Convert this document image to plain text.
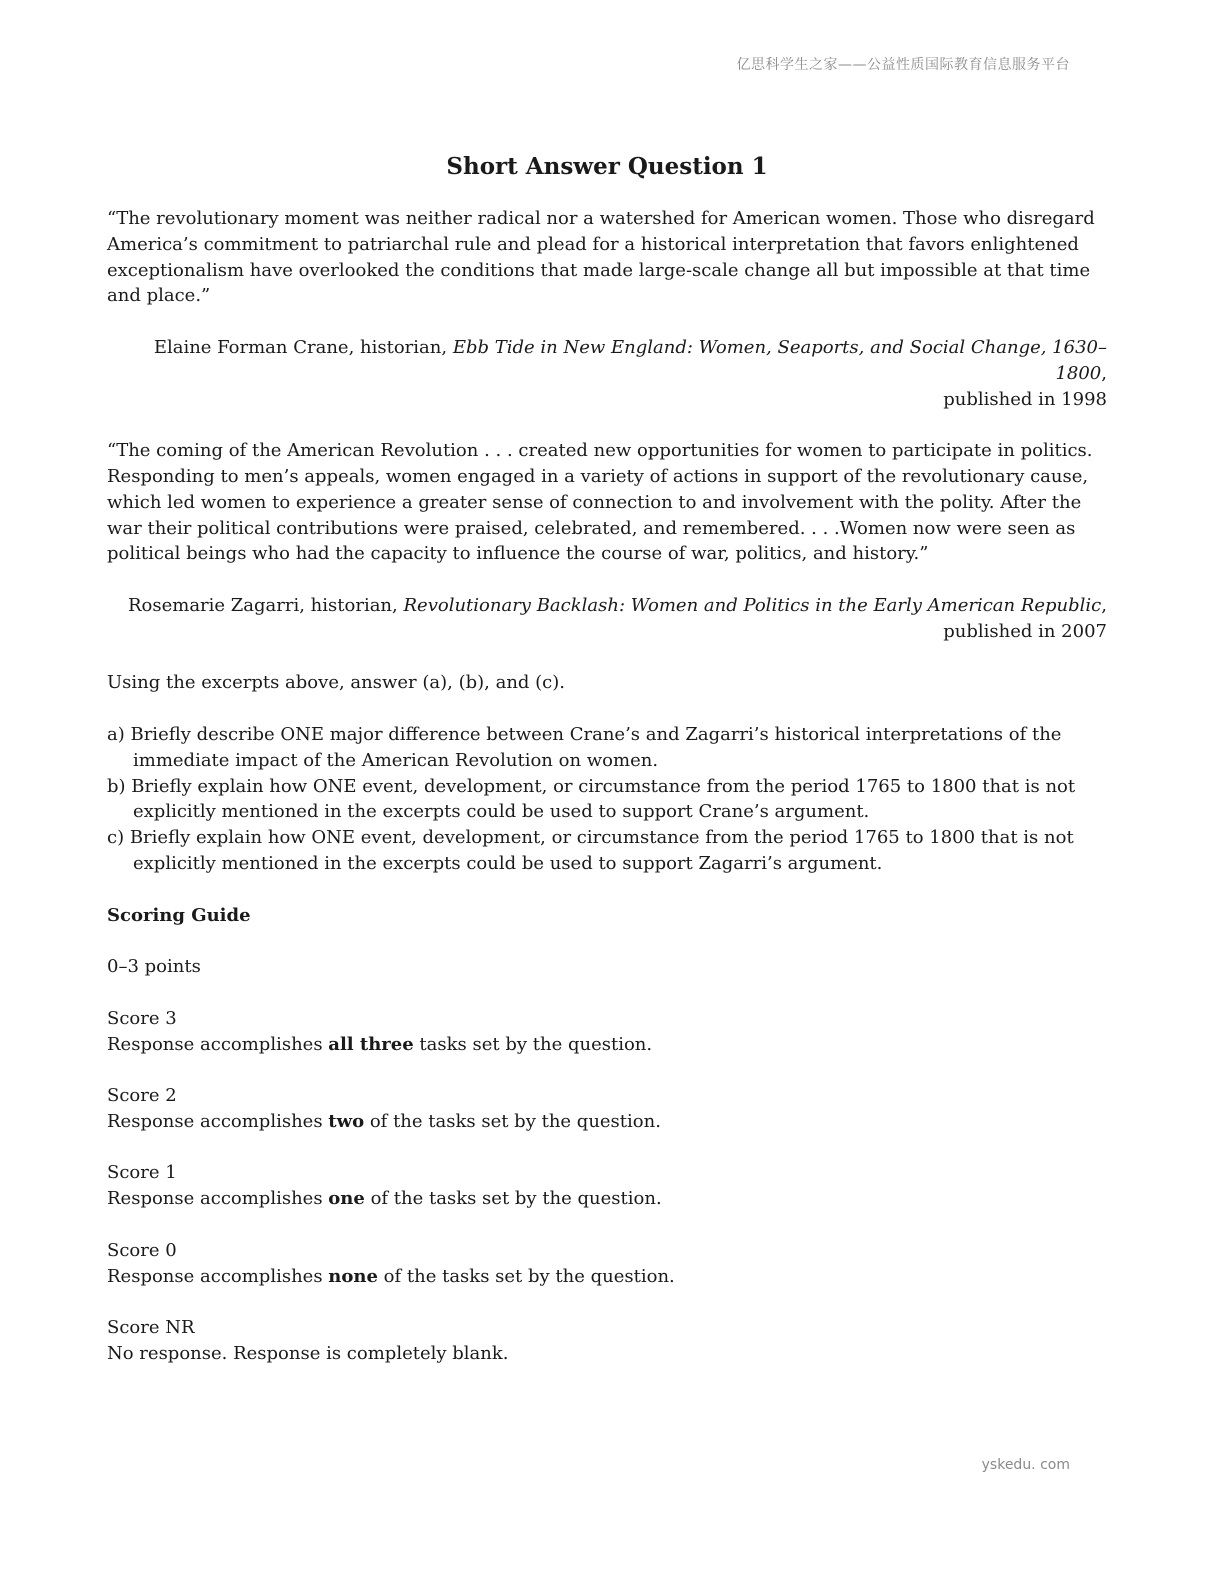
亿思科学生之家——公益性质国际教育信息服务平台
Short Answer Question 1

“The revolutionary moment was neither radical nor a watershed for American women. Those who disregard America’s commitment to patriarchal rule and plead for a historical interpretation that favors enlightened exceptionalism have overlooked the conditions that made large-scale change all but impossible at that time and place.”

Elaine Forman Crane, historian, Ebb Tide in New England: Women, Seaports, and Social Change, 1630–1800,
published in 1998

“The coming of the American Revolution . . . created new opportunities for women to participate in politics. Responding to men’s appeals, women engaged in a variety of actions in support of the revolutionary cause, which led women to experience a greater sense of connection to and involvement with the polity. After the war their political contributions were praised, celebrated, and remembered. . . .Women now were seen as political beings who had the capacity to influence the course of war, politics, and history.”

Rosemarie Zagarri, historian, Revolutionary Backlash: Women and Politics in the Early American Republic,
published in 2007

Using the excerpts above, answer (a), (b), and (c).

a) Briefly describe ONE major difference between Crane’s and Zagarri’s historical interpretations of the immediate impact of the American Revolution on women.
b) Briefly explain how ONE event, development, or circumstance from the period 1765 to 1800 that is not explicitly mentioned in the excerpts could be used to support Crane’s argument.
c) Briefly explain how ONE event, development, or circumstance from the period 1765 to 1800 that is not explicitly mentioned in the excerpts could be used to support Zagarri’s argument.
Scoring Guide

0–3 points

Score 3
Response accomplishes all three tasks set by the question.
Score 2
Response accomplishes two of the tasks set by the question.
Score 1
Response accomplishes one of the tasks set by the question.
Score 0
Response accomplishes none of the tasks set by the question.
Score NR
No response. Response is completely blank.
yskedu. com
